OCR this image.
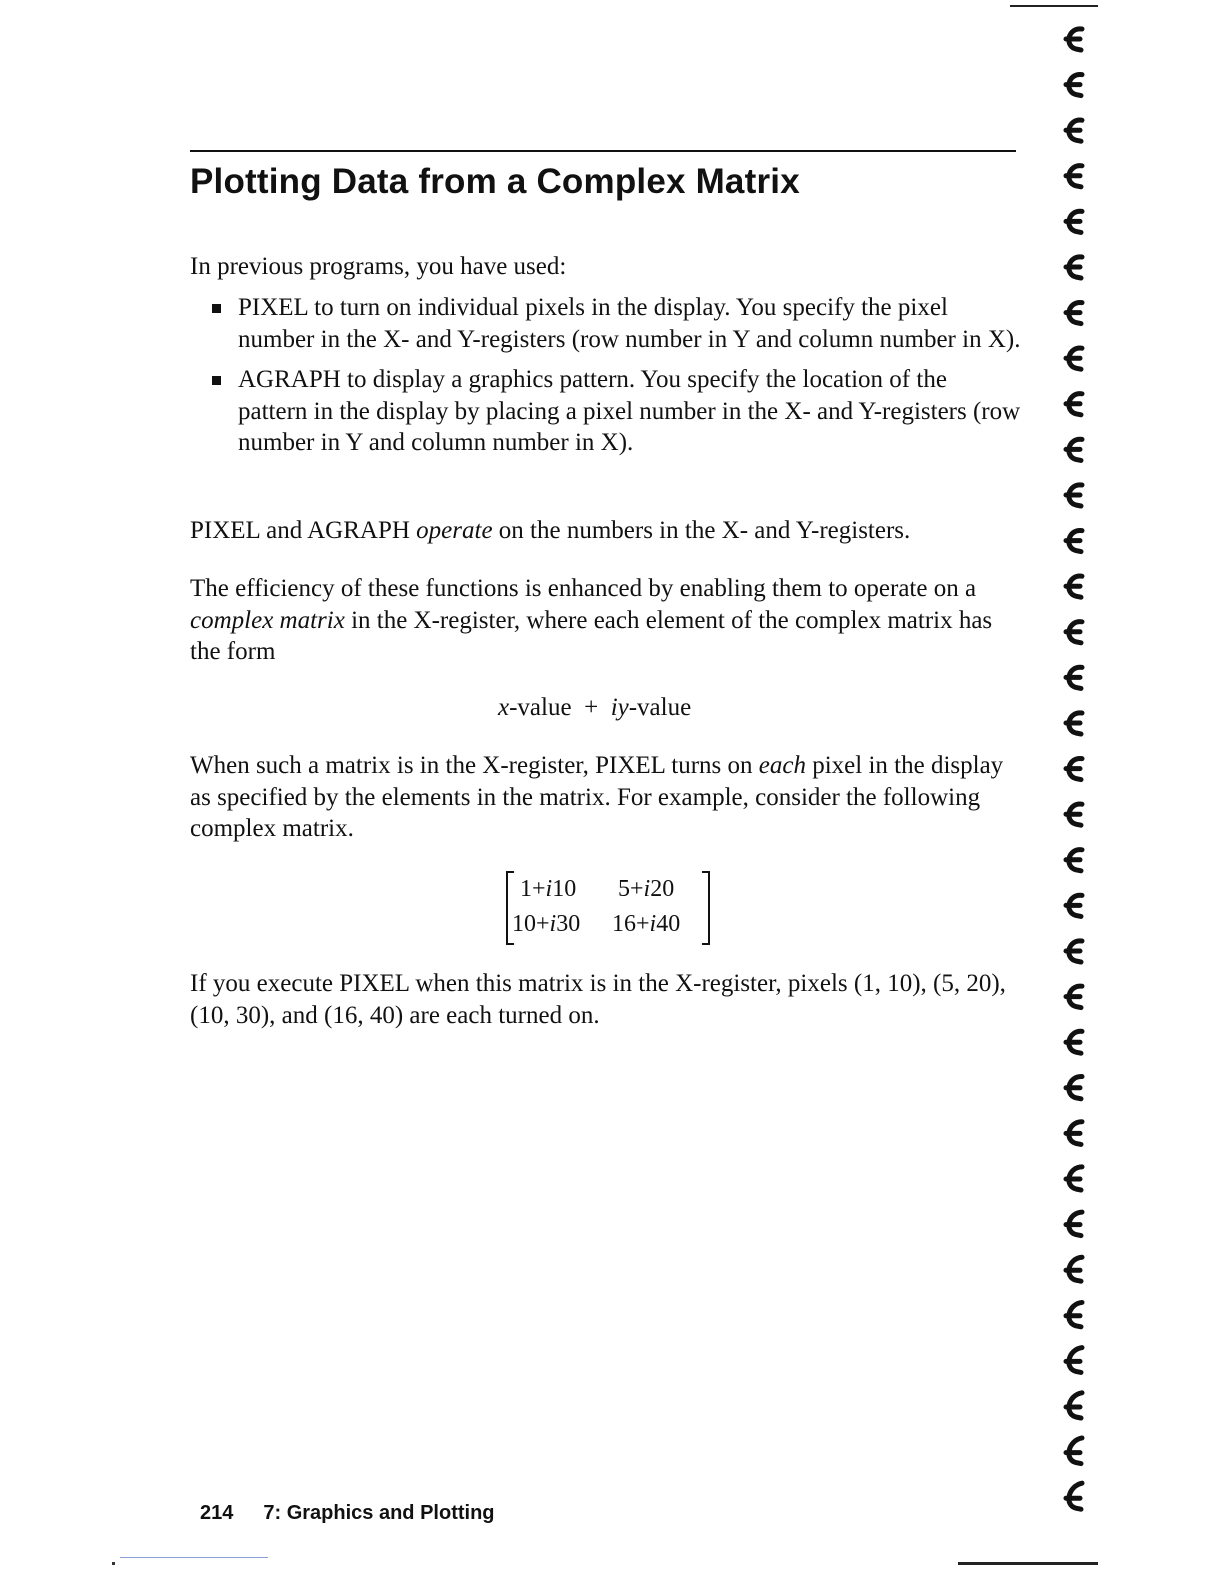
Plotting Data from a Complex Matrix

In previous programs, you have used:

PIXEL to turn on individual pixels in the display. You specify the pixel number in the X- and Y-registers (row number in Y and column number in X).
AGRAPH to display a graphics pattern. You specify the location of the pattern in the display by placing a pixel number in the X- and Y-registers (row number in Y and column number in X).

PIXEL and AGRAPH operate on the numbers in the X- and Y-registers.

The efficiency of these functions is enhanced by enabling them to operate on a complex matrix in the X-register, where each element of the complex matrix has the form

x-value + iy-value

When such a matrix is in the X-register, PIXEL turns on each pixel in the display as specified by the elements in the matrix. For example, consider the following complex matrix.

1+i10 5+i20
10+i30 16+i40

If you execute PIXEL when this matrix is in the X-register, pixels (1, 10), (5, 20), (10, 30), and (16, 40) are each turned on.

214 7: Graphics and Plotting
